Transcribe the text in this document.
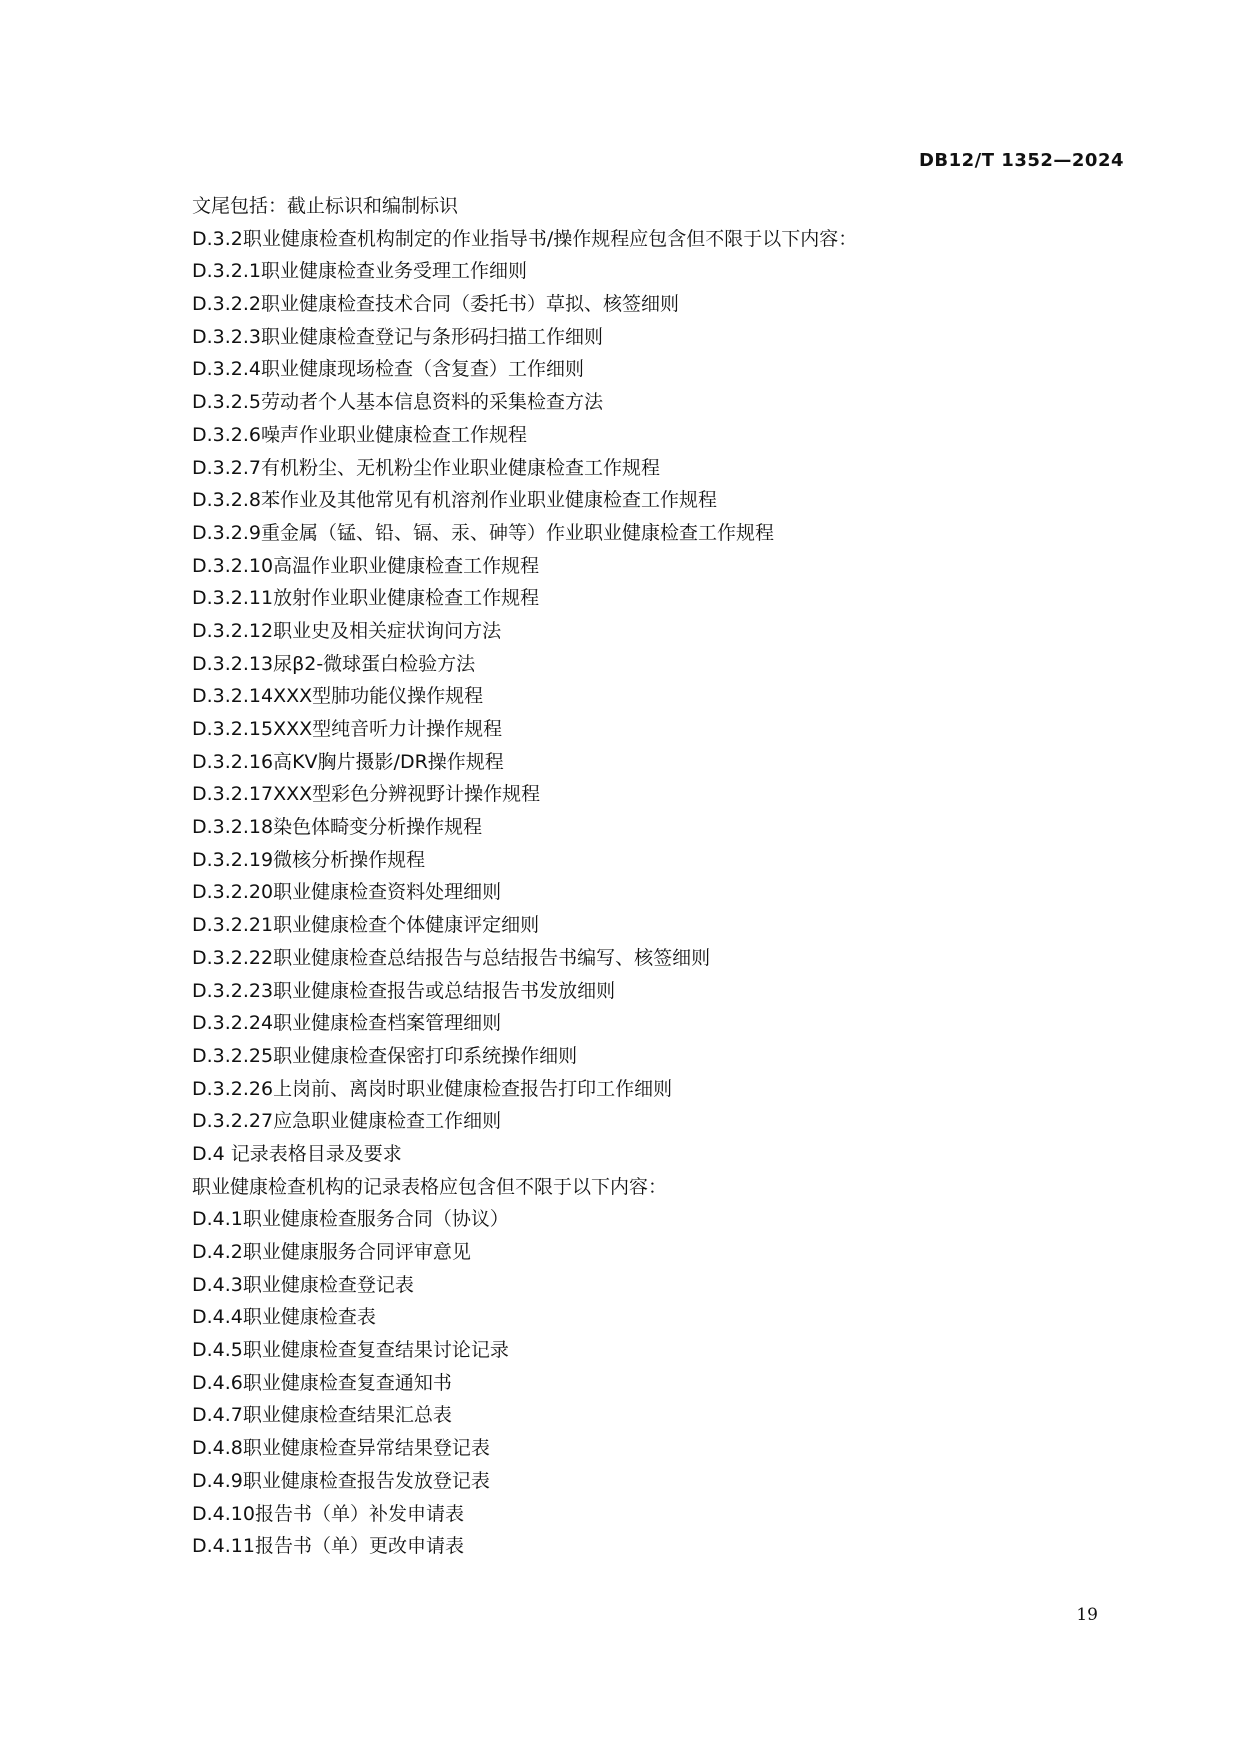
DB12/T 1352—2024
文尾包括：截止标识和编制标识
D.3.2职业健康检查机构制定的作业指导书/操作规程应包含但不限于以下内容：
D.3.2.1职业健康检查业务受理工作细则
D.3.2.2职业健康检查技术合同（委托书）草拟、核签细则
D.3.2.3职业健康检查登记与条形码扫描工作细则
D.3.2.4职业健康现场检查（含复查）工作细则
D.3.2.5劳动者个人基本信息资料的采集检查方法
D.3.2.6噪声作业职业健康检查工作规程
D.3.2.7有机粉尘、无机粉尘作业职业健康检查工作规程
D.3.2.8苯作业及其他常见有机溶剂作业职业健康检查工作规程
D.3.2.9重金属（锰、铅、镉、汞、砷等）作业职业健康检查工作规程
D.3.2.10高温作业职业健康检查工作规程
D.3.2.11放射作业职业健康检查工作规程
D.3.2.12职业史及相关症状询问方法
D.3.2.13尿β2-微球蛋白检验方法
D.3.2.14XXX型肺功能仪操作规程
D.3.2.15XXX型纯音听力计操作规程
D.3.2.16高KV胸片摄影/DR操作规程
D.3.2.17XXX型彩色分辨视野计操作规程
D.3.2.18染色体畸变分析操作规程
D.3.2.19微核分析操作规程
D.3.2.20职业健康检查资料处理细则
D.3.2.21职业健康检查个体健康评定细则
D.3.2.22职业健康检查总结报告与总结报告书编写、核签细则
D.3.2.23职业健康检查报告或总结报告书发放细则
D.3.2.24职业健康检查档案管理细则
D.3.2.25职业健康检查保密打印系统操作细则
D.3.2.26上岗前、离岗时职业健康检查报告打印工作细则
D.3.2.27应急职业健康检查工作细则
D.4 记录表格目录及要求
职业健康检查机构的记录表格应包含但不限于以下内容：
D.4.1职业健康检查服务合同（协议）
D.4.2职业健康服务合同评审意见
D.4.3职业健康检查登记表
D.4.4职业健康检查表
D.4.5职业健康检查复查结果讨论记录
D.4.6职业健康检查复查通知书
D.4.7职业健康检查结果汇总表
D.4.8职业健康检查异常结果登记表
D.4.9职业健康检查报告发放登记表
D.4.10报告书（单）补发申请表
D.4.11报告书（单）更改申请表
19
